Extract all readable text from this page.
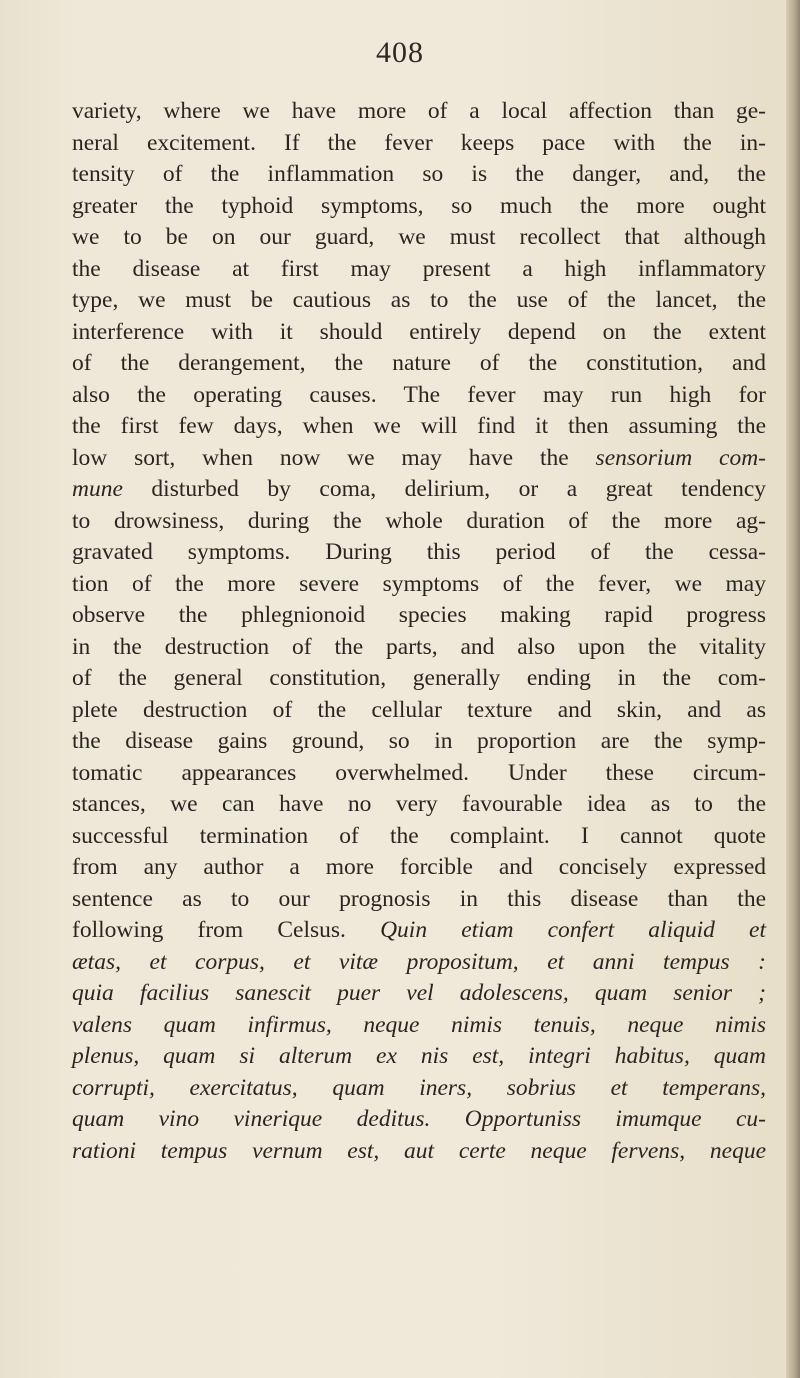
408
variety, where we have more of a local affection than ge-
neral excitement. If the fever keeps pace with the in-
tensity of the inflammation so is the danger, and, the
greater the typhoid symptoms, so much the more ought
we to be on our guard, we must recollect that although
the disease at first may present a high inflammatory
type, we must be cautious as to the use of the lancet, the
interference with it should entirely depend on the extent
of the derangement, the nature of the constitution, and
also the operating causes. The fever may run high for
the first few days, when we will find it then assuming the
low sort, when now we may have the sensorium com-
mune disturbed by coma, delirium, or a great tendency
to drowsiness, during the whole duration of the more ag-
gravated symptoms. During this period of the cessa-
tion of the more severe symptoms of the fever, we may
observe the phlegnionoid species making rapid progress
in the destruction of the parts, and also upon the vitality
of the general constitution, generally ending in the com-
plete destruction of the cellular texture and skin, and as
the disease gains ground, so in proportion are the symp-
tomatic appearances overwhelmed. Under these circum-
stances, we can have no very favourable idea as to the
successful termination of the complaint. I cannot quote
from any author a more forcible and concisely expressed
sentence as to our prognosis in this disease than the
following from Celsus. Quin etiam confert aliquid et
ætas, et corpus, et vitæ propositum, et anni tempus :
quia facilius sanescit puer vel adolescens, quam senior ;
valens quam infirmus, neque nimis tenuis, neque nimis
plenus, quam si alterum ex nis est, integri habitus, quam
corrupti, exercitatus, quam iners, sobrius et temperans,
quam vino vinerique deditus. Opportuniss imumque cu-
rationi tempus vernum est, aut certe neque fervens, neque
